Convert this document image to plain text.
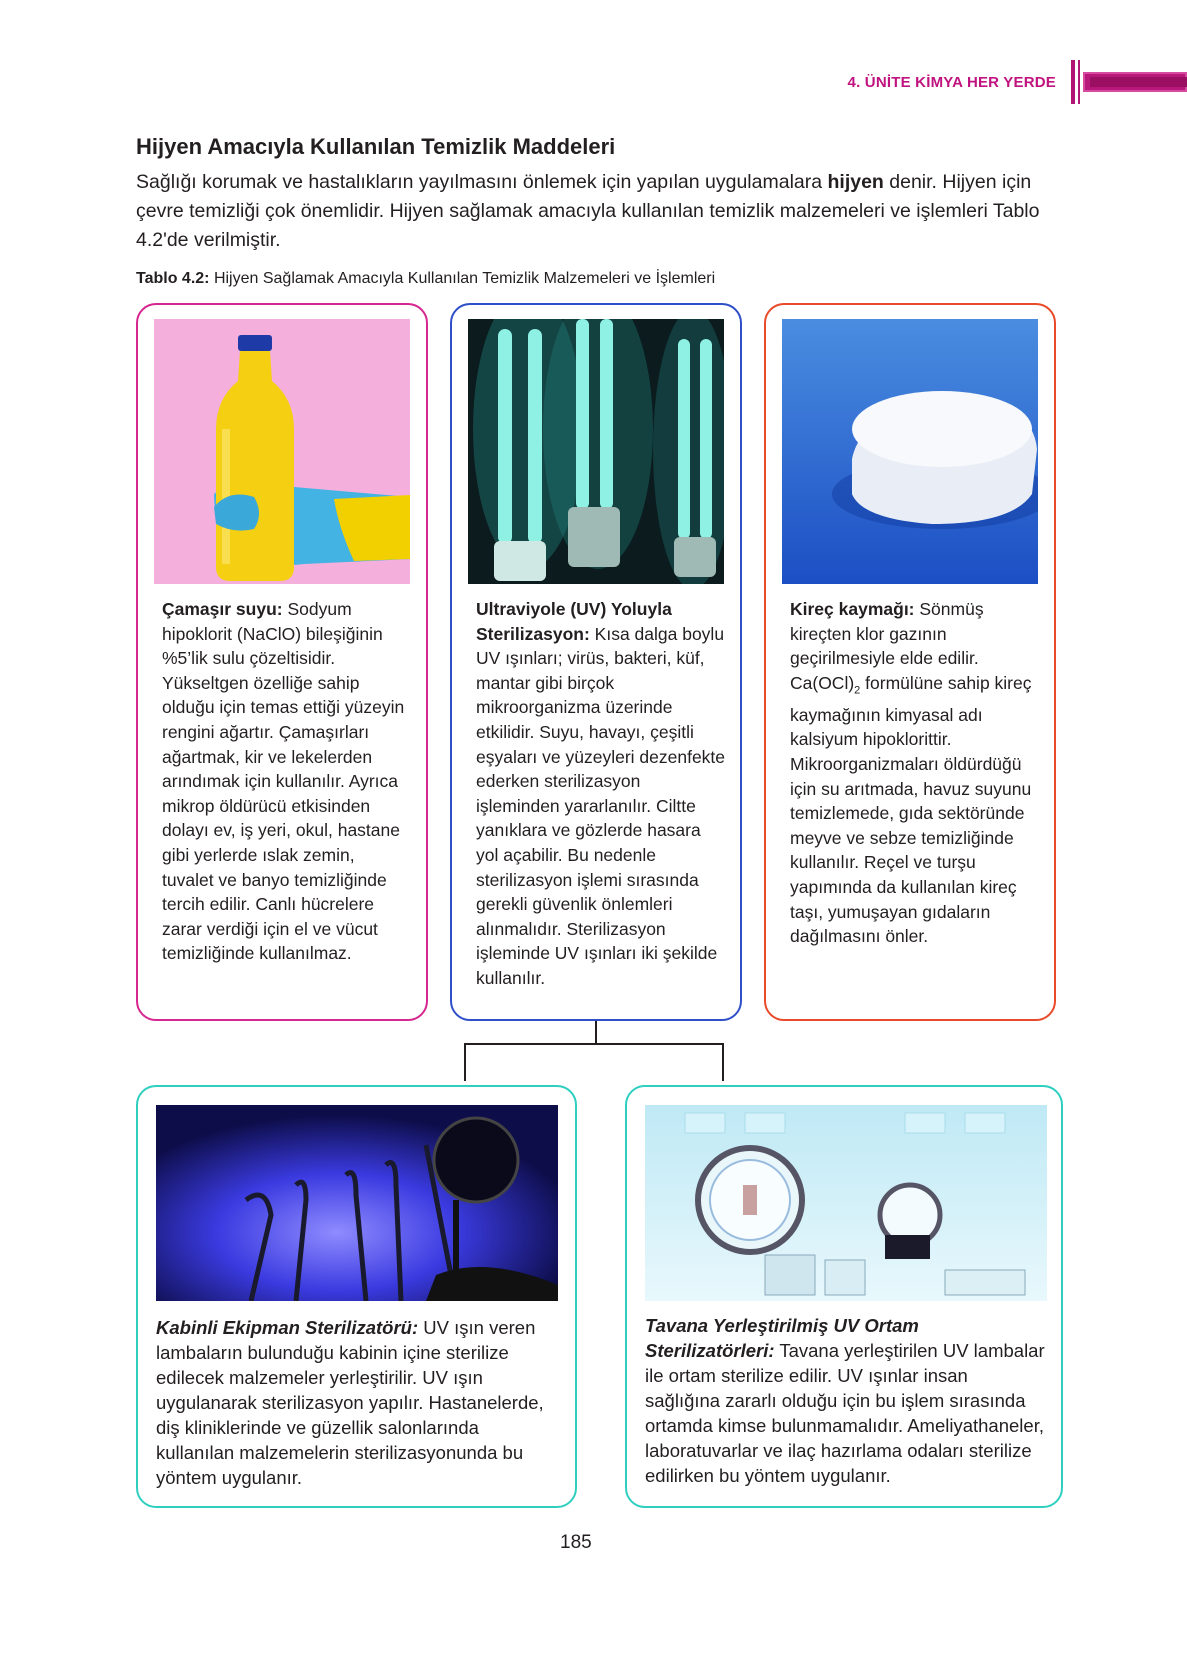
4. ÜNİTE KİMYA HER YERDE
Hijyen Amacıyla Kullanılan Temizlik Maddeleri

Sağlığı korumak ve hastalıkların yayılmasını önlemek için yapılan uygulamalara hijyen denir. Hijyen için çevre temizliği çok önemlidir. Hijyen sağlamak amacıyla kullanılan temizlik malzemeleri ve işlemleri Tablo 4.2'de verilmiştir.

Tablo 4.2: Hijyen Sağlamak Amacıyla Kullanılan Temizlik Malzemeleri ve İşlemleri

Çamaşır suyu: Sodyum hipoklorit (NaClO) bileşiğinin %5’lik sulu çözeltisidir. Yükseltgen özelliğe sahip olduğu için temas ettiği yüzeyin rengini ağartır. Çamaşırları ağartmak, kir ve lekelerden arındımak için kullanılır. Ayrıca mikrop öldürücü etkisinden dolayı ev, iş yeri, okul, hastane gibi yerlerde ıslak zemin, tuvalet ve banyo temizliğinde tercih edilir. Canlı hücrelere zarar verdiği için el ve vücut temizliğinde kullanılmaz.

Ultraviyole (UV) Yoluyla Sterilizasyon: Kısa dalga boylu UV ışınları; virüs, bakteri, küf, mantar gibi birçok mikroorganizma üzerinde etkilidir. Suyu, havayı, çeşitli eşyaları ve yüzeyleri dezenfekte ederken sterilizasyon işleminden yararlanılır. Ciltte yanıklara ve gözlerde hasara yol açabilir. Bu nedenle sterilizasyon işlemi sırasında gerekli güvenlik önlemleri alınmalıdır. Sterilizasyon işleminde UV ışınları iki şekilde kullanılır.

Kireç kaymağı: Sönmüş kireçten klor gazının geçirilmesiyle elde edilir. $Ca(OCl)_2$ formülüne sahip kireç kaymağının kimyasal adı kalsiyum hipoklorittir. Mikroorganizmaları öldürdüğü için su arıtmada, havuz suyunu temizlemede, gıda sektöründe meyve ve sebze temizliğinde kullanılır. Reçel ve turşu yapımında da kullanılan kireç taşı, yumuşayan gıdaların dağılmasını önler.

Kabinli Ekipman Sterilizatörü: UV ışın veren lambaların bulunduğu kabinin içine sterilize edilecek malzemeler yerleştirilir. UV ışın uygulanarak sterilizasyon yapılır. Hastanelerde, diş kliniklerinde ve güzellik salonlarında kullanılan malzemelerin sterilizasyonunda bu yöntem uygulanır.

Tavana Yerleştirilmiş UV Ortam Sterilizatörleri: Tavana yerleştirilen UV lambalar ile ortam sterilize edilir. UV ışınlar insan sağlığına zararlı olduğu için bu işlem sırasında ortamda kimse bulunmamalıdır. Ameliyathaneler, laboratuvarlar ve ilaç hazırlama odaları sterilize edilirken bu yöntem uygulanır.

185
